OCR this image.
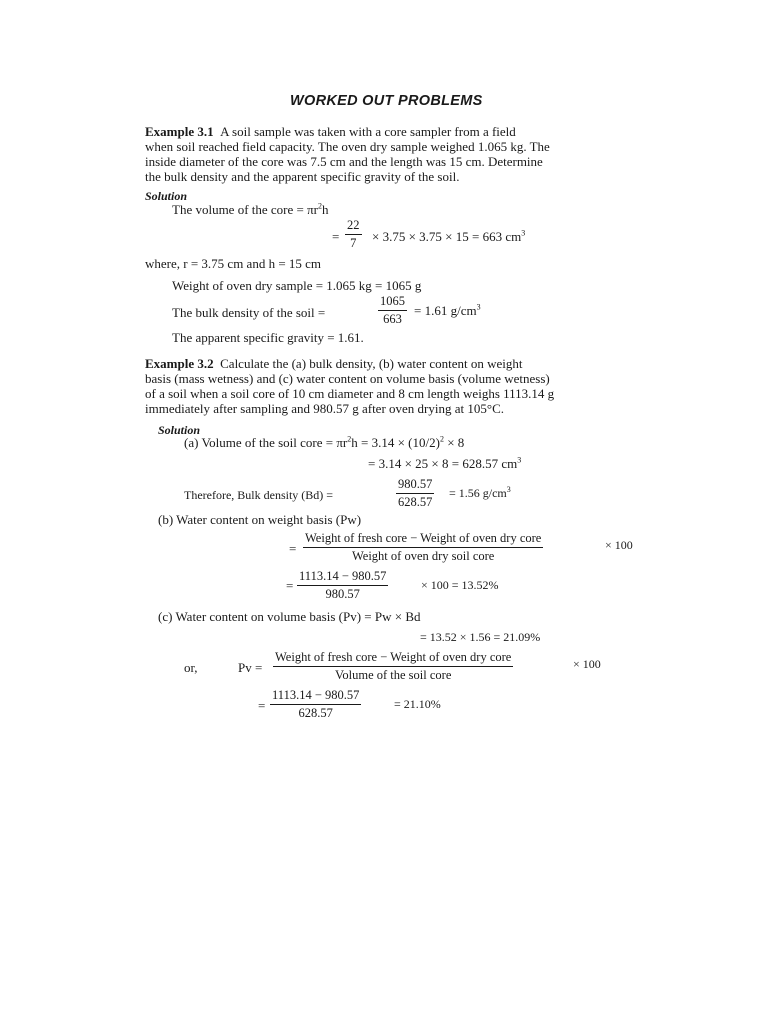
WORKED OUT PROBLEMS
Example 3.1 A soil sample was taken with a core sampler from a field
when soil reached field capacity. The oven dry sample weighed 1.065 kg. The
inside diameter of the core was 7.5 cm and the length was 15 cm. Determine
the bulk density and the apparent specific gravity of the soil.
Solution
The volume of the core = $\pi r^2h$
= $\frac{22}{7} \times 3.75 \times 3.75 \times 15 = 663$ $cm^3$
where, r = 3.75 cm and h = 15 cm
Weight of oven dry sample = 1.065 kg = 1065 g
The bulk density of the soil =	$\frac{1065}{663} = 1.61$ $g/cm^3$
The apparent specific gravity = 1.61.
Example 3.2 Calculate the (a) bulk density, (b) water content on weight
basis (mass wetness) and (c) water content on volume basis (volume wetness)
of a soil when a soil core of 10 cm diameter and 8 cm length weighs 1113.14 g
immediately after sampling and 980.57 g after oven drying at 105°C.
Solution
(a) Volume of the soil core = $\pi r^2h = 3.14 \times (10/2)^2 \times 8$
= 3.14 × 25 × 8 = 628.57 $cm^3$
Therefore, Bulk density (Bd) =	$\frac{980.57}{628.57} = 1.56$ $g/cm^3$
(b) Water content on weight basis (Pw)
=
Weight of fresh core − Weight of oven dry core
Weight of oven dry soil core
× 100
= $\frac{1113.14 - 980.57}{980.57}$	× 100 = 13.52%
(c) Water content on volume basis (Pv) = Pw × Bd
= 13.52 × 1.56 = 21.09%
or,	Pv =
Weight of fresh core − Weight of oven dry core
Volume of the soil core
× 100
= $\frac{1113.14 - 980.57}{628.57}$	= 21.10%
